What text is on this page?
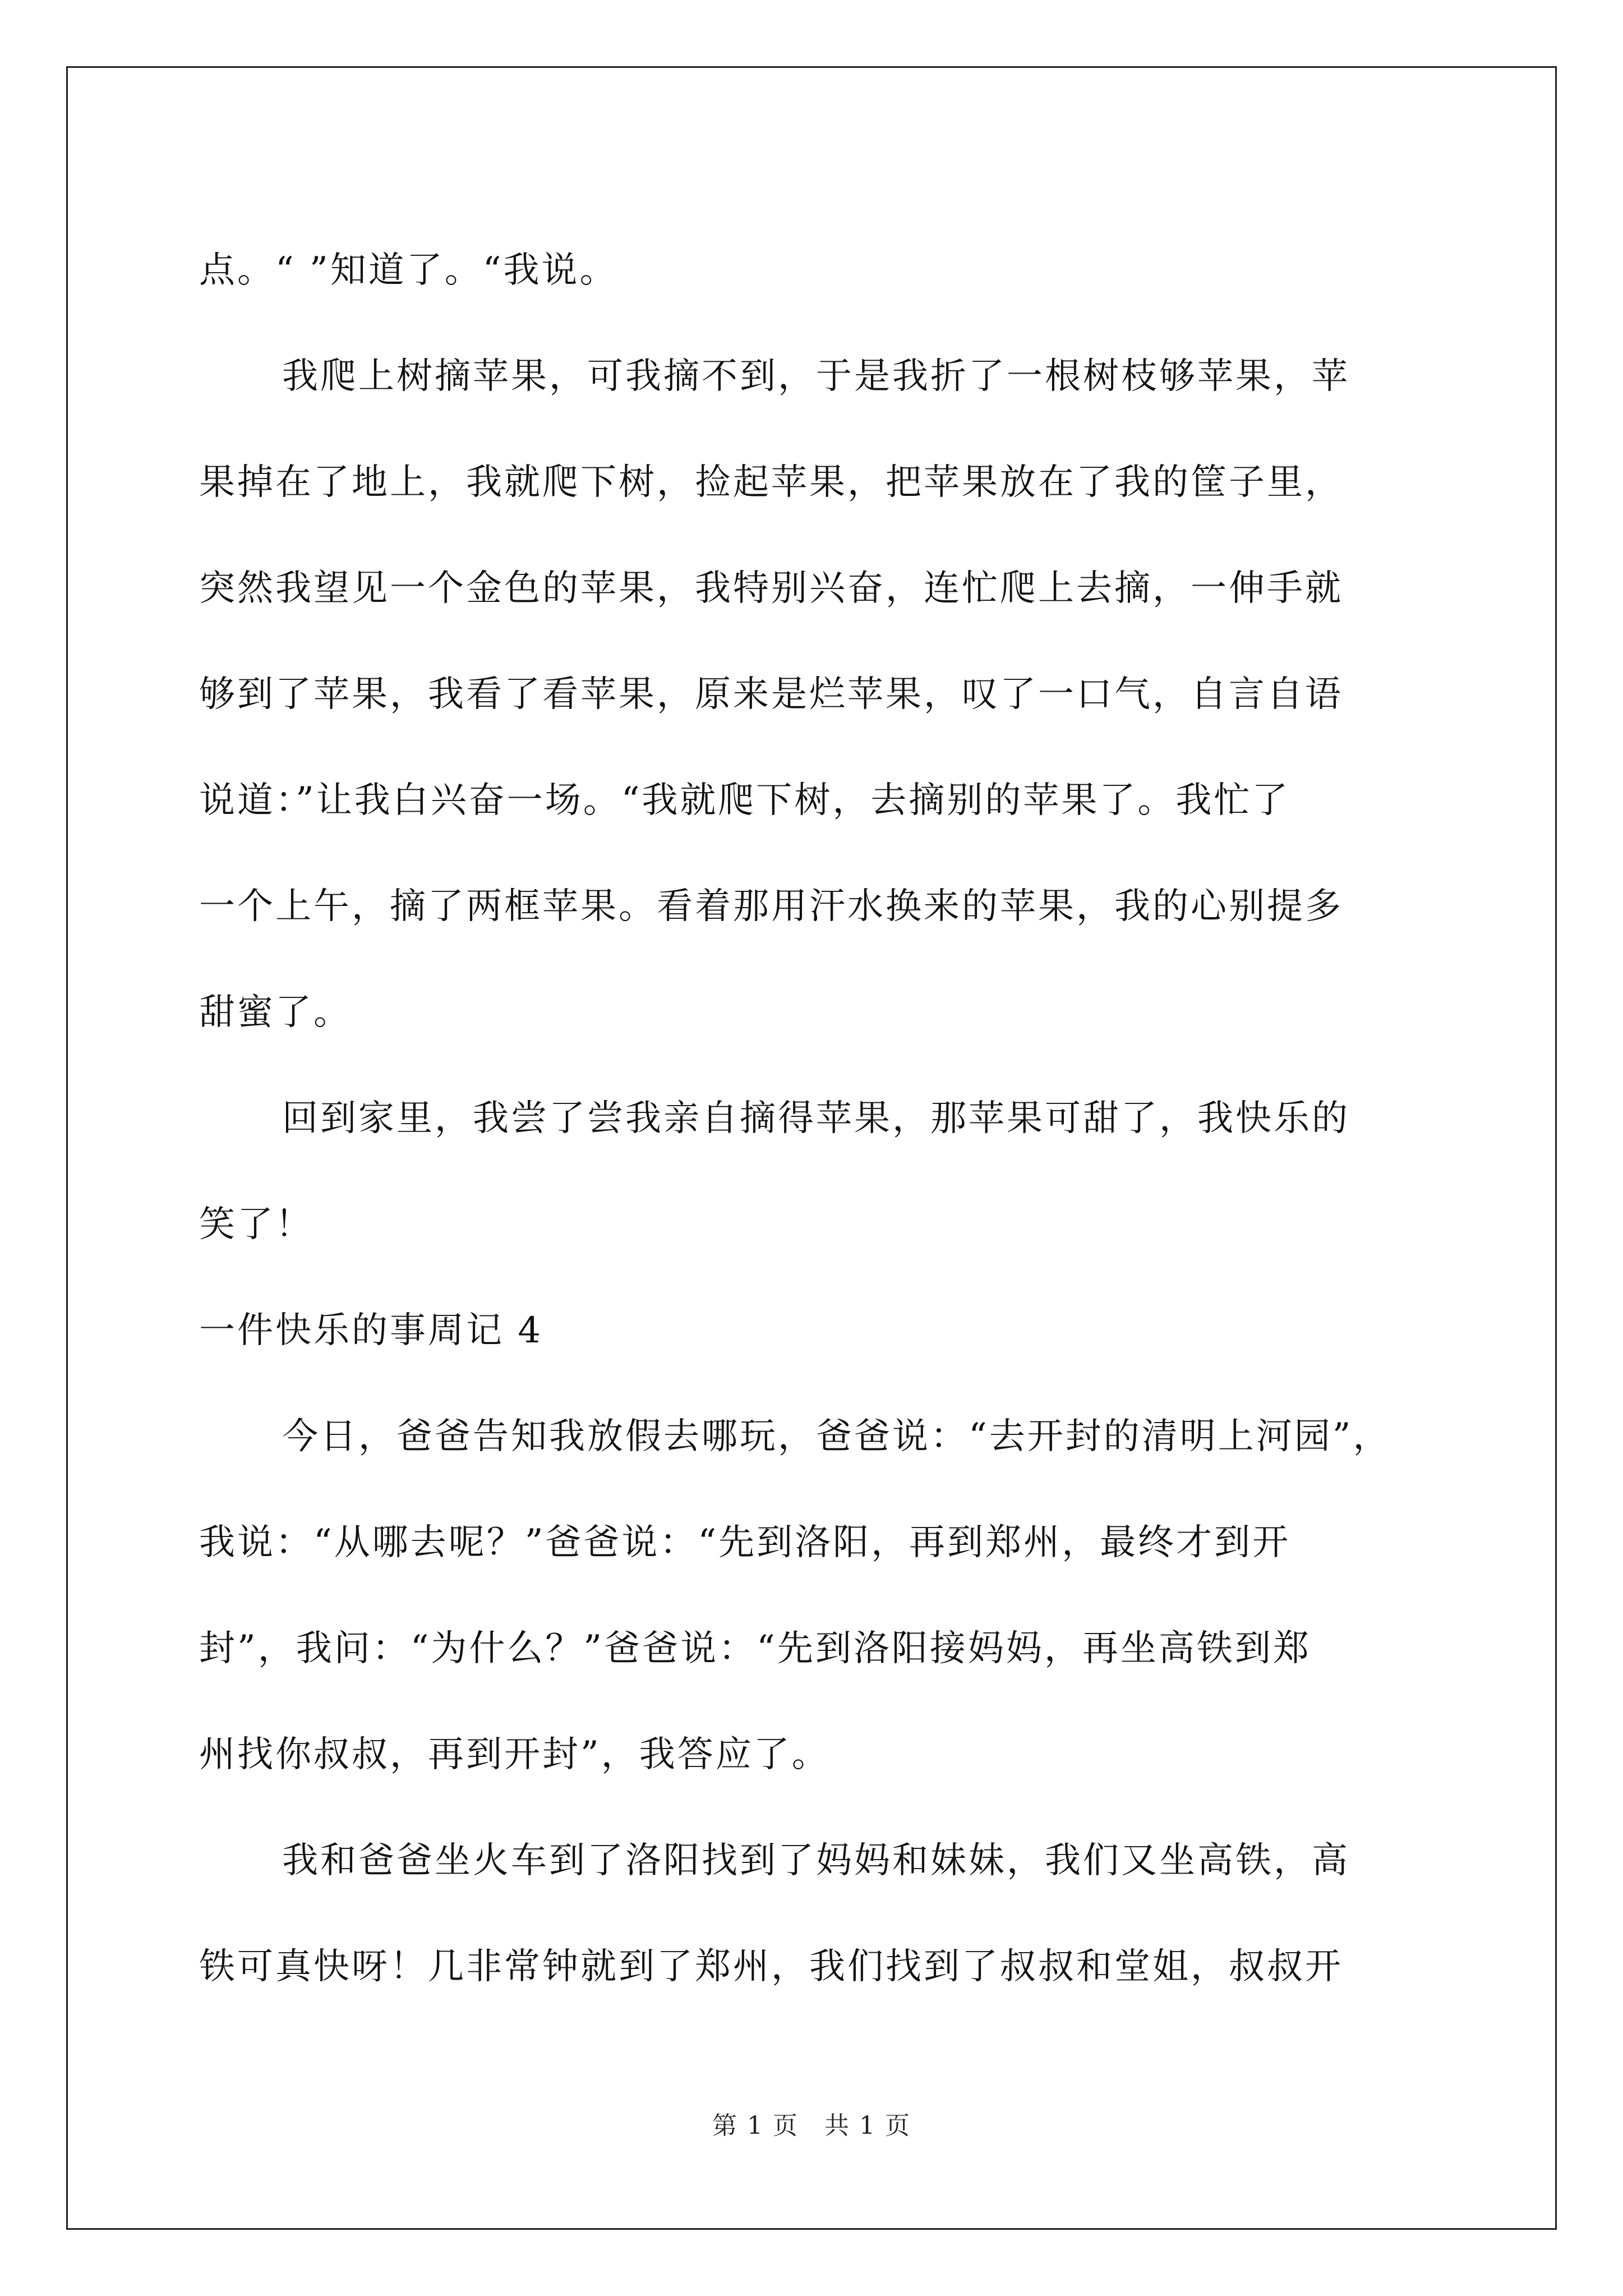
点。“ ”知道了。“我说。
我爬上树摘苹果，可我摘不到，于是我折了一根树枝够苹果，苹
果掉在了地上，我就爬下树，捡起苹果，把苹果放在了我的筐子里，
突然我望见一个金色的苹果，我特别兴奋，连忙爬上去摘，一伸手就
够到了苹果，我看了看苹果，原来是烂苹果，叹了一口气，自言自语
说道：”让我白兴奋一场。“我就爬下树，去摘别的苹果了。我忙了
一个上午，摘了两框苹果。看着那用汗水换来的苹果，我的心别提多
甜蜜了。
回到家里，我尝了尝我亲自摘得苹果，那苹果可甜了，我快乐的
笑了！
一件快乐的事周记 4
今日，爸爸告知我放假去哪玩，爸爸说：“去开封的清明上河园”，
我说：“从哪去呢？”爸爸说：“先到洛阳，再到郑州，最终才到开
封”，我问：“为什么？”爸爸说：“先到洛阳接妈妈，再坐高铁到郑
州找你叔叔，再到开封”，我答应了。
我和爸爸坐火车到了洛阳找到了妈妈和妹妹，我们又坐高铁，高
铁可真快呀！几非常钟就到了郑州，我们找到了叔叔和堂姐，叔叔开
第 1 页　共 1 页
